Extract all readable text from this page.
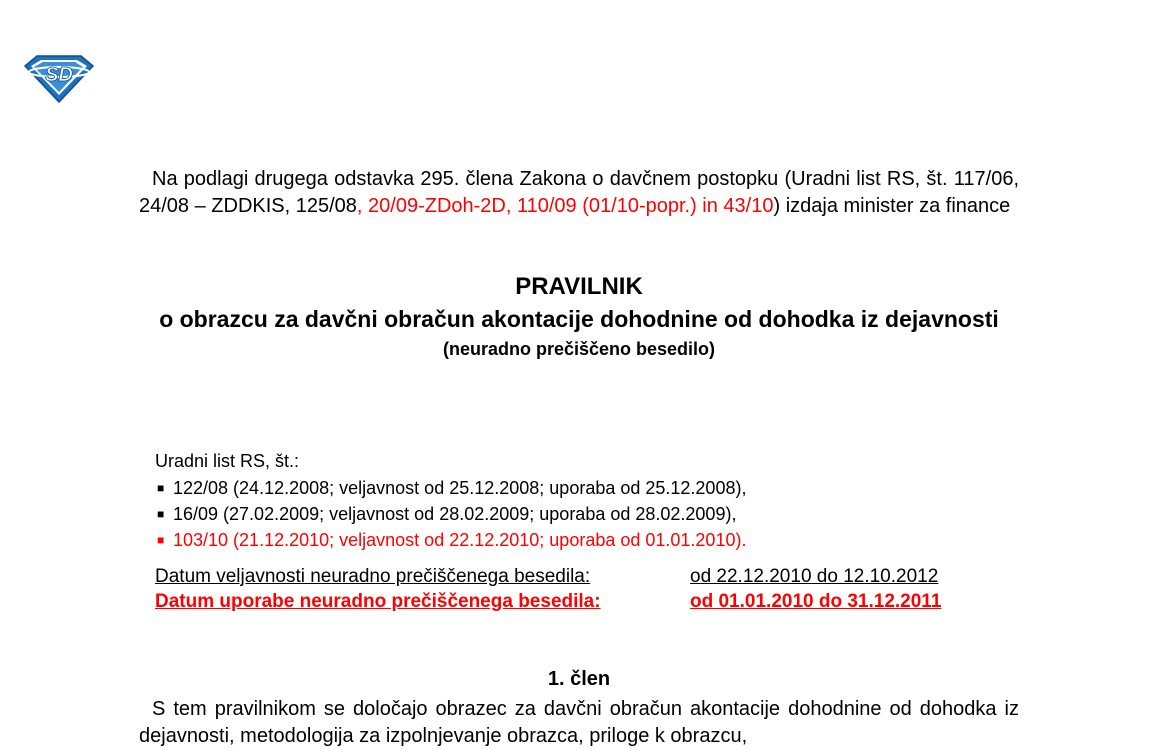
SD
Na podlagi drugega odstavka 295. člena Zakona o davčnem postopku (Uradni list RS, št. 117/06, 24/08 – ZDDKIS, 125/08, 20/09-ZDoh-2D, 110/09 (01/10-popr.) in 43/10) izdaja minister za finance
PRAVILNIK
o obrazcu za davčni obračun akontacije dohodnine od dohodka iz dejavnosti
(neuradno prečiščeno besedilo)
Uradni list RS, št.:
■ 122/08 (24.12.2008; veljavnost od 25.12.2008; uporaba od 25.12.2008),
■ 16/09 (27.02.2009; veljavnost od 28.02.2009; uporaba od 28.02.2009),
■ 103/10 (21.12.2010; veljavnost od 22.12.2010; uporaba od 01.01.2010).
Datum veljavnosti neuradno prečiščenega besedila:	od 22.12.2010 do 12.10.2012
Datum uporabe neuradno prečiščenega besedila:	od 01.01.2010 do 31.12.2011
1. člen
S tem pravilnikom se določajo obrazec za davčni obračun akontacije dohodnine od dohodka iz dejavnosti, metodologija za izpolnjevanje obrazca, priloge k obrazcu,
